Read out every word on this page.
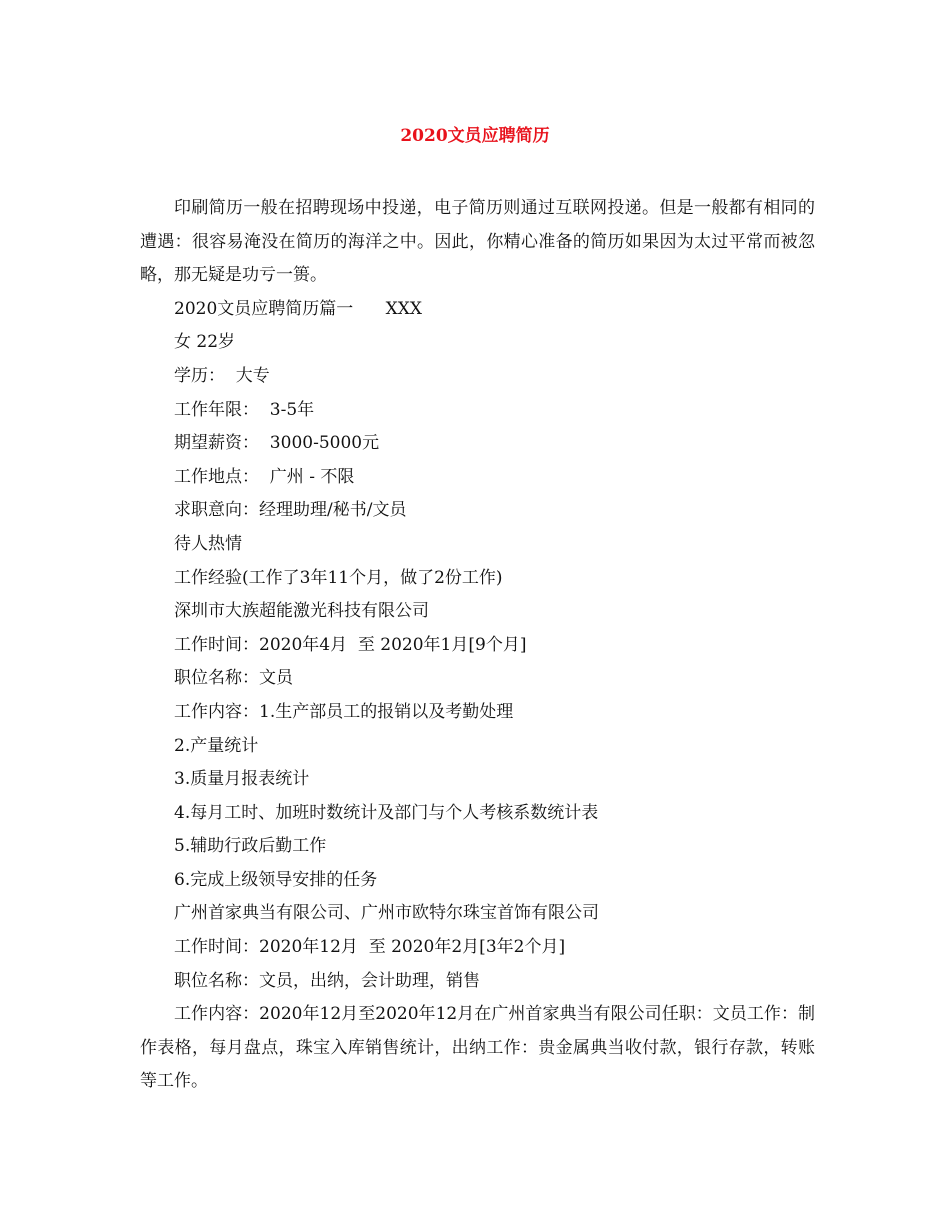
2020文员应聘简历

印刷简历一般在招聘现场中投递，电子简历则通过互联网投递。但是一般都有相同的遭遇：很容易淹没在简历的海洋之中。因此，你精心准备的简历如果因为太过平常而被忽略，那无疑是功亏一篑。

2020文员应聘简历篇一      XXX
女 22岁
学历：  大专
工作年限：  3-5年
期望薪资：  3000-5000元
工作地点：  广州 - 不限
求职意向：经理助理/秘书/文员
待人热情
工作经验(工作了3年11个月，做了2份工作)
深圳市大族超能激光科技有限公司
工作时间：2020年4月  至 2020年1月[9个月]
职位名称：文员
工作内容：1.生产部员工的报销以及考勤处理
2.产量统计
3.质量月报表统计
4.每月工时、加班时数统计及部门与个人考核系数统计表
5.辅助行政后勤工作
6.完成上级领导安排的任务
广州首家典当有限公司、广州市欧特尔珠宝首饰有限公司
工作时间：2020年12月  至 2020年2月[3年2个月]
职位名称：文员，出纳，会计助理，销售

工作内容：2020年12月至2020年12月在广州首家典当有限公司任职：文员工作：制作表格，每月盘点，珠宝入库销售统计，出纳工作：贵金属典当收付款，银行存款，转账等工作。
